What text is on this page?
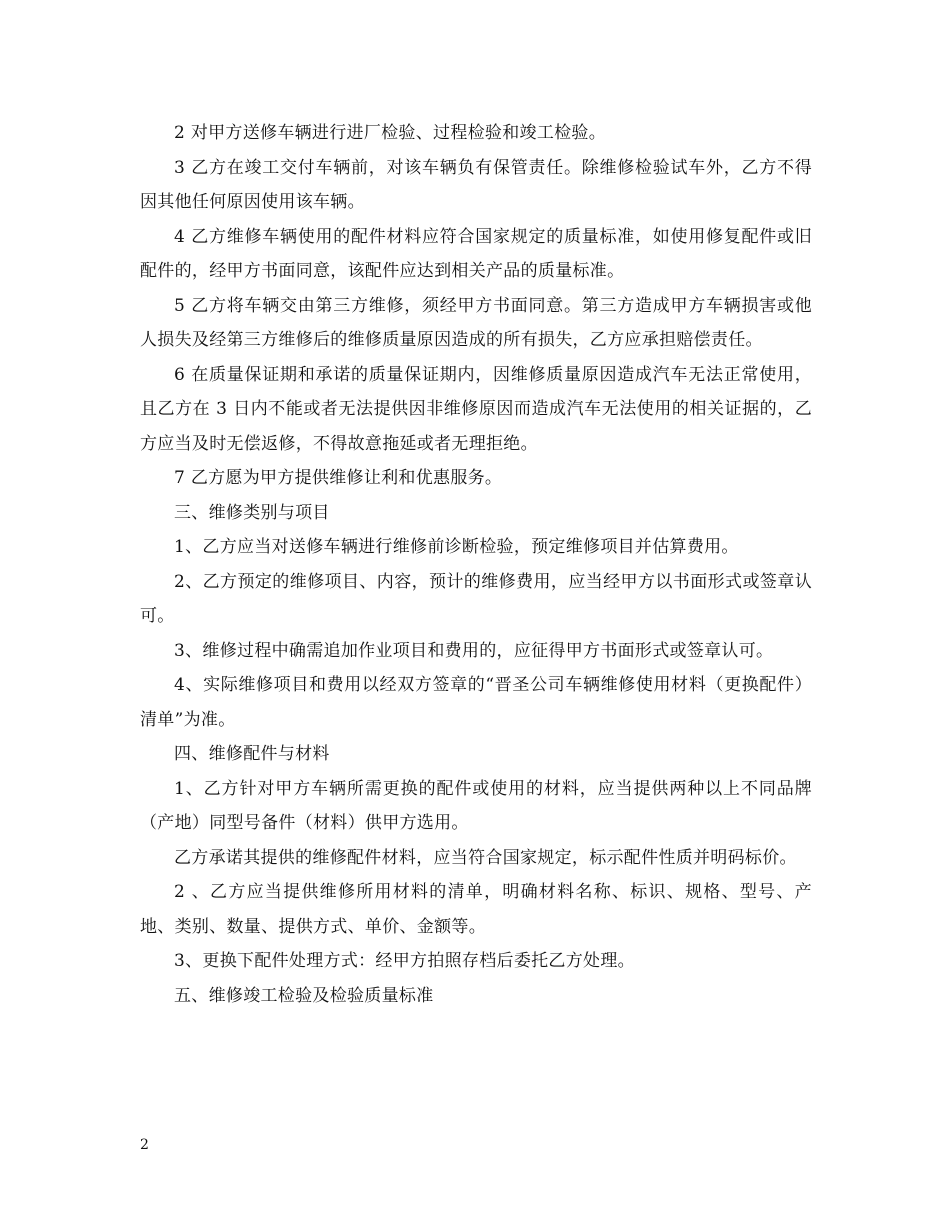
2 对甲方送修车辆进行进厂检验、过程检验和竣工检验。

3 乙方在竣工交付车辆前，对该车辆负有保管责任。除维修检验试车外，乙方不得因其他任何原因使用该车辆。

4 乙方维修车辆使用的配件材料应符合国家规定的质量标准，如使用修复配件或旧配件的，经甲方书面同意，该配件应达到相关产品的质量标准。

5 乙方将车辆交由第三方维修，须经甲方书面同意。第三方造成甲方车辆损害或他人损失及经第三方维修后的维修质量原因造成的所有损失，乙方应承担赔偿责任。

6 在质量保证期和承诺的质量保证期内，因维修质量原因造成汽车无法正常使用，且乙方在 3 日内不能或者无法提供因非维修原因而造成汽车无法使用的相关证据的，乙方应当及时无偿返修，不得故意拖延或者无理拒绝。

7 乙方愿为甲方提供维修让利和优惠服务。

三、维修类别与项目

1、乙方应当对送修车辆进行维修前诊断检验，预定维修项目并估算费用。

2、乙方预定的维修项目、内容，预计的维修费用，应当经甲方以书面形式或签章认可。

3、维修过程中确需追加作业项目和费用的，应征得甲方书面形式或签章认可。

4、实际维修项目和费用以经双方签章的“晋圣公司车辆维修使用材料（更换配件）清单”为准。

四、维修配件与材料

1、乙方针对甲方车辆所需更换的配件或使用的材料，应当提供两种以上不同品牌（产地）同型号备件（材料）供甲方选用。

乙方承诺其提供的维修配件材料，应当符合国家规定，标示配件性质并明码标价。

2 、乙方应当提供维修所用材料的清单，明确材料名称、标识、规格、型号、产地、类别、数量、提供方式、单价、金额等。

3、更换下配件处理方式：经甲方拍照存档后委托乙方处理。

五、维修竣工检验及检验质量标准

2
